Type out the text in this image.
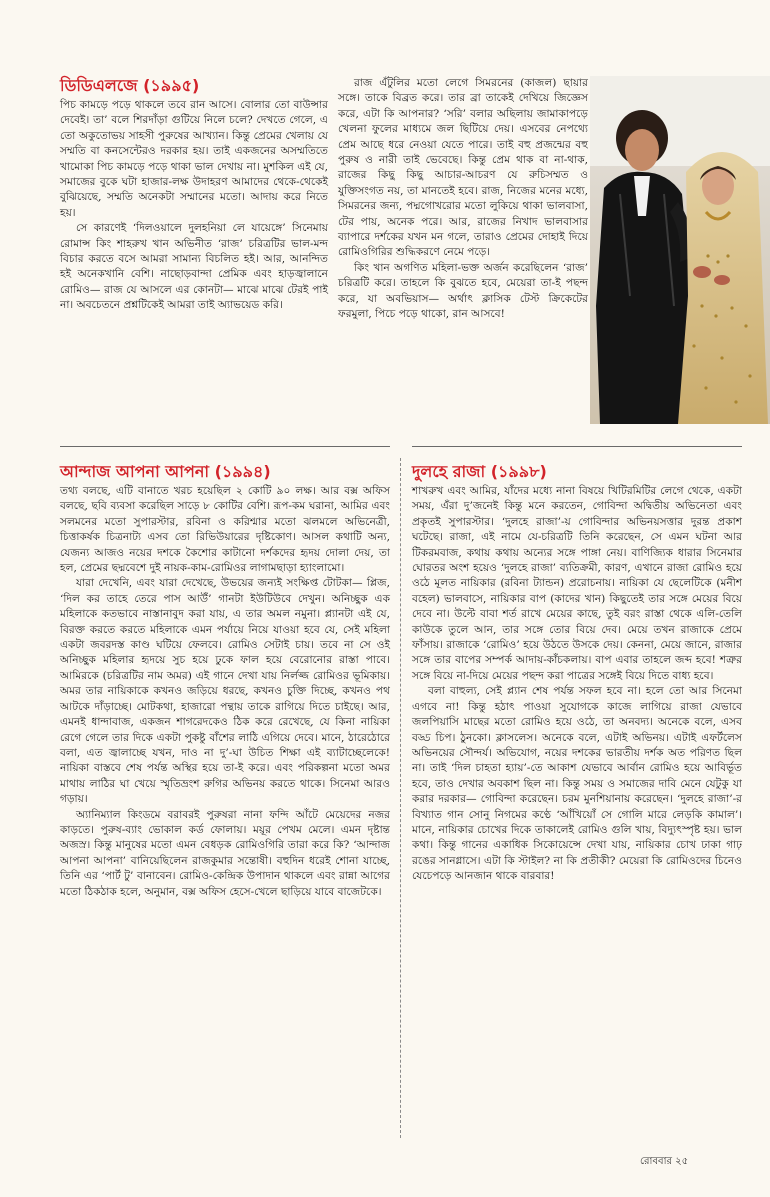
ডিডিএলজে (১৯৯৫)

পিচ কামড়ে পড়ে থাকলে তবে রান আসে। বোলার তো বাউন্সার দেবেই। তা’ বলে শিরদাঁড়া গুটিয়ে নিলে চলে? দেখতে গেলে, এ তো অকুতোভয় সাহসী পুরুষের আখ্যান। কিন্তু প্রেমের খেলায় যে সম্মতি বা কনসেন্টেরও দরকার হয়। তাই একজনের অসম্মতিতে খামোকা পিচ কামড়ে পড়ে থাকা ভাল দেখায় না। মুশকিল এই যে, সমাজের বুকে ঘটা হাজার-লক্ষ উদাহরণ আমাদের থেকে-থেকেই বুঝিয়েছে, সম্মতি অনেকটা সম্মানের মতো। আদায় করে নিতে হয়।

সে কারণেই ‘দিলওয়ালে দুলহনিয়া লে যায়েঙ্গে’ সিনেমায় রোমান্স কিং শাহরুখ খান অভিনীত ‘রাজ’ চরিত্রটির ভাল-মন্দ বিচার করতে বসে আমরা সামান্য বিচলিত হই। আর, আনন্দিত হই অনেকখানি বেশি। নাছোড়বান্দা প্রেমিক এবং হাড়জ্বালানে রোমিও— রাজ যে আসলে এর কোনটা— মাঝে মাঝে টেরই পাই না। অবচেতনে প্রশ্নটিকেই আমরা তাই অ্যাভয়েড করি।

রাজ এঁটুলির মতো লেগে সিমরনের (কাজল) ছায়ার সঙ্গে। তাকে বিব্রত করে। তার ব্রা তাকেই দেখিয়ে জিজ্ঞেস করে, এটা কি আপনার? ‘সরি’ বলার অছিলায় জামাকাপড়ে খেলনা ফুলের মাধ্যমে জল ছিটিয়ে দেয়। এসবের নেপথ্যে প্রেম আছে ধরে নেওয়া যেতে পারে। তাই বহু প্রজন্মের বহু পুরুষ ও নারী তাই ভেবেছে। কিন্তু প্রেম থাক বা না-থাক, রাজের কিছু কিছু আচার-আচরণ যে রুচিসম্মত ও যুক্তিসংগত নয়, তা মানতেই হবে। রাজ, নিজের মনের মধ্যে, সিমরনের জন্য, পদ্মগোখরোর মতো লুকিয়ে থাকা ভালবাসা, টের পায়, অনেক পরে। আর, রাজের নিখাদ ভালবাসার ব্যাপারে দর্শকের যখন মন গলে, তারাও প্রেমের দোহাই দিয়ে রোমিওগিরির শুদ্ধিকরণে নেমে পড়ে।

কিং খান অগণিত মহিলা-ভক্ত অর্জন করেছিলেন ‘রাজ’ চরিত্রটি করে। তাহলে কি বুঝতে হবে, মেয়েরা তা-ই পছন্দ করে, যা অবভিয়াস— অর্থাৎ ক্লাসিক টেস্ট ক্রিকেটের ফরমুলা, পিচে পড়ে থাকো, রান আসবে!

আন্দাজ আপনা আপনা (১৯৯৪)

তথ্য বলছে, এটি বানাতে খরচ হয়েছিল ২ কোটি ৯০ লক্ষ। আর বক্স অফিস বলছে, ছবি ব্যবসা করেছিল সাড়ে ৮ কোটির বেশি। রূপ-কম ঘরানা, আমির এবং সলমনের মতো সুপারস্টার, রবিনা ও করিশ্মার মতো ঝলমলে অভিনেত্রী, চিত্তাকর্ষক চিত্রনাট্য এসব তো রিভিউয়ারের দৃষ্টিকোণ। আসল কথাটি অন্য, যেজন্য আজও নয়ের দশকে কৈশোর কাটানো দর্শকদের হৃদয় দোলা দেয়, তা হল, প্রেমের ছদ্মবেশে দুই নায়ক-কাম-রোমিওর লাগামছাড়া হ্যাংলামো।

যারা দেখেনি, এবং যারা দেখেছে, উভয়ের জন্যই সংক্ষিপ্ত টোটকা— প্লিজ, ‘দিল কর তাহে তেরে পাস আউঁ’ গানটা ইউটিউবে দেখুন। অনিচ্ছুক এক মহিলাকে কতভাবে নাস্তানাবুদ করা যায়, এ তার অমল নমুনা। প্ল্যানটা এই যে, বিরক্ত করতে করতে মহিলাকে এমন পর্যায়ে নিয়ে যাওয়া হবে যে, সেই মহিলা একটা জবরদস্ত কাণ্ড ঘটিয়ে ফেলবে। রোমিও সেটাই চায়। তবে না সে ওই অনিচ্ছুক মহিলার হৃদয়ে সুচ হয়ে ঢুকে ফাল হয়ে বেরোনোর রাস্তা পাবে। আমিরকে (চরিত্রটির নাম অমর) এই গানে দেখা যায় নির্লজ্জ রোমিওর ভূমিকায়। অমর তার নায়িকাকে কখনও জড়িয়ে ধরছে, কখনও চুক্তি দিচ্ছে, কখনও পথ আটকে দাঁড়াচ্ছে। মোটকথা, হাজারো পন্থায় তাকে রাগিয়ে দিতে চাইছে। আর, এমনই ধান্দাবাজ, একজন শাগরেদকেও ঠিক করে রেখেছে, যে কিনা নায়িকা রেগে গেলে তার দিকে একটা পুকষ্টু বাঁশের লাঠি এগিয়ে দেবে। মানে, ঠারেঠোরে বলা, এত জ্বালাচ্ছে যখন, দাও না দু’-ঘা উচিত শিক্ষা এই ব্যাটাচ্ছেলেকে! নায়িকা বাস্তবে শেষ পর্যন্ত অস্থির হয়ে তা-ই করে। এবং পরিকল্পনা মতো অমর মাথায় লাঠির ঘা খেয়ে স্মৃতিভ্রংশ রুগির অভিনয় করতে থাকে। সিনেমা আরও গড়ায়।

অ্যানিম্যাল কিংডমে বরাবরই পুরুষরা নানা ফন্দি আঁটে মেয়েদের নজর কাড়তে। পুরুষ-ব্যাং ভোকাল কর্ড ফোলায়। ময়ূর পেখম মেলে। এমন দৃষ্টান্ত অজস্র। কিন্তু মানুষের মতো এমন বেধড়ক রোমিওগিরি তারা করে কি? ‘আন্দাজ আপনা আপনা’ বানিয়েছিলেন রাজকুমার সন্তোষী। বহুদিন ধরেই শোনা যাচ্ছে, তিনি এর ‘পার্ট টু’ বানাবেন। রোমিও-কেন্দ্রিক উপাদান থাকলে এবং রান্না আগের মতো ঠিকঠাক হলে, অনুমান, বক্স অফিস হেসে-খেলে ছাড়িয়ে যাবে বাজেটকে।

দুলহে রাজা (১৯৯৮)

শাখরুখ এবং আমির, যাঁদের মধ্যে নানা বিষয়ে খিটিরমিটির লেগে থেকে, একটা সময়, এঁরা দু’জনেই কিন্তু মনে করতেন, গোবিন্দা অদ্বিতীয় অভিনেতা এবং প্রকৃতই সুপারস্টার। ‘দুলহে রাজা’-য় গোবিন্দার অভিনয়সত্তার দুরন্ত প্রকাশ ঘটেছে। রাজা, এই নামে যে-চরিত্রটি তিনি করেছেন, সে এমন ঘটনা আর টিকরমবাজ, কথায় কথায় অন্যের সঙ্গে পাঙ্গা নেয়। বাণিজ্যিক ধারার সিনেমার ঘোরতর অংশ হয়েও ‘দুলহে রাজা’ ব্যতিক্রমী, কারণ, এখানে রাজা রোমিও হয়ে ওঠে মূলত নায়িকার (রবিনা ট্যান্ডন) প্ররোচনায়। নায়িকা যে ছেলেটিকে (মনীশ বহেল) ভালবাসে, নায়িকার বাপ (কাদের খান) কিছুতেই তার সঙ্গে মেয়ের বিয়ে দেবে না। উল্টে বাবা শর্ত রাখে মেয়ের কাছে, তুই বরং রাস্তা থেকে এলি-তেলি কাউকে তুলে আন, তার সঙ্গে তোর বিয়ে দেব। মেয়ে তখন রাজাকে প্রেমে ফাঁসায়। রাজাকে ‘রোমিও’ হয়ে উঠতে উসকে দেয়। কেননা, মেয়ে জানে, রাজার সঙ্গে তার বাপের সম্পর্ক আদায়-কাঁচকলায়। বাপ এবার তাহলে জব্দ হবে! শত্রুর সঙ্গে বিয়ে না-দিয়ে মেয়ের পছন্দ করা পাত্রের সঙ্গেই বিয়ে দিতে বাধ্য হবে।

বলা বাহুল্য, সেই প্ল্যান শেষ পর্যন্ত সফল হবে না। হলে তো আর সিনেমা এগবে না! কিন্তু হঠাৎ পাওয়া সুযোগকে কাজে লাগিয়ে রাজা যেভাবে জলপিয়াসি মাছের মতো রোমিও হয়ে ওঠে, তা অনবদ্য। অনেকে বলে, এসব বড্ড চিপ। ঠুনকো। ক্লাসলেস। অনেকে বলে, এটাই অভিনয়। এটাই এফর্টলেস অভিনয়ের সৌন্দর্য। অভিযোগ, নয়ের দশকের ভারতীয় দর্শক অত পরিণত ছিল না। তাই ‘দিল চাহতা হ্যায়’-তে আকাশ যেভাবে আর্বান রোমিও হয়ে আবির্ভূত হবে, তাও দেখার অবকাশ ছিল না। কিন্তু সময় ও সমাজের দাবি মেনে যেটুকু যা করার দরকার— গোবিন্দা করেছেন। চরম মুনশিয়ানায় করেছেন। ‘দুলহে রাজা’-র বিখ্যাত গান সোনু নিগমের কণ্ঠে ‘আঁখিয়োঁ সে গোলি মারে লেড়কি কামাল’। মানে, নায়িকার চোখের দিকে তাকালেই রোমিও গুলি খায়, বিদ্যুৎস্পৃষ্ট হয়। ভাল কথা। কিন্তু গানের একাধিক সিকোয়েন্সে দেখা যায়, নায়িকার চোখ ঢাকা গাঢ় রঙের সানগ্লাসে। এটা কি স্টাইল? না কি প্রতীকী? মেয়েরা কি রোমিওদের চিনেও যেচেপড়ে আনজান থাকে বারবার!

রোববার ২৫
